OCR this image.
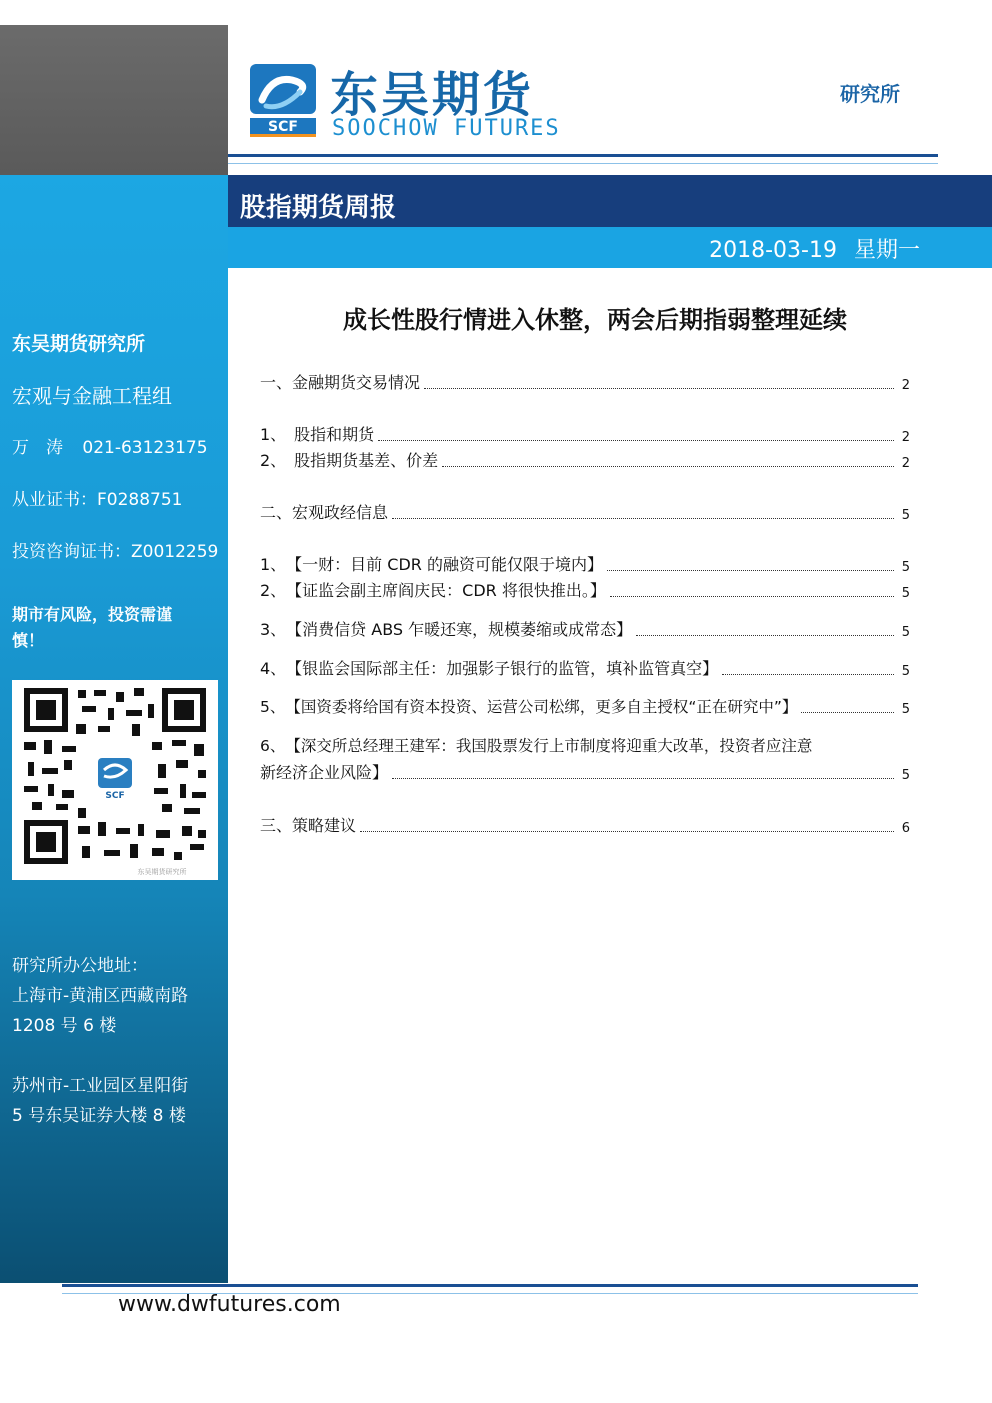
东吴期货研究所
宏观与金融工程组
万　涛 021-63123175
从业证书：F0288751
投资咨询证书：Z0012259
期市有风险，投资需谨
慎！
研究所办公地址：
上海市-黄浦区西藏南路
1208 号 6 楼
苏州市-工业园区星阳街
5 号东吴证券大楼 8 楼
SCF
东吴期货研究所
SCF
东吴期货
SOOCHOW FUTURES
研究所
股指期货周报
2018-03-19 星期一
成长性股行情进入休整，两会后期指弱整理延续
一、金融期货交易情况	2
1、　股指和期货	2
2、　股指期货基差、价差	2
二、宏观政经信息	5
1、　【一财：目前 CDR 的融资可能仅限于境内】	5
2、　【证监会副主席阎庆民：CDR 将很快推出。】	5
3、　【消费信贷 ABS 乍暖还寒，规模萎缩或成常态】	5
4、　【银监会国际部主任：加强影子银行的监管，填补监管真空】	5
5、　【国资委将给国有资本投资、运营公司松绑，更多自主授权“正在研究中”】	5
6、　【深交所总经理王建军：我国股票发行上市制度将迎重大改革，投资者应注意
新经济企业风险】	5
三、策略建议	6
www.dwfutures.com
